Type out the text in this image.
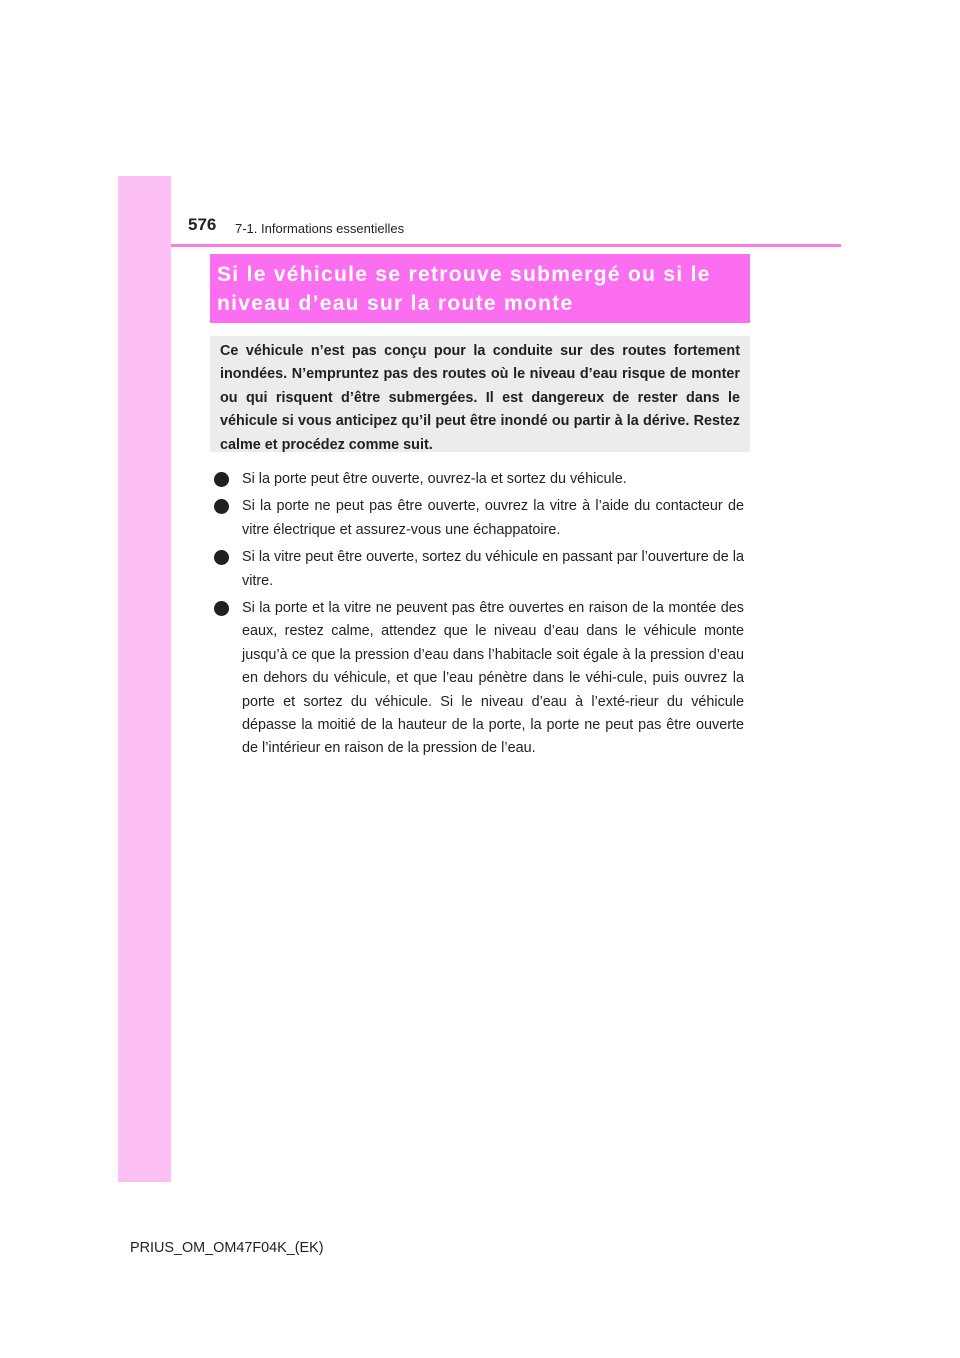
576 7-1. Informations essentielles

Si le véhicule se retrouve submergé ou si le
niveau d’eau sur la route monte

Ce véhicule n’est pas conçu pour la conduite sur des routes fortement inondées. N’empruntez pas des routes où le niveau d’eau risque de monter ou qui risquent d’être submergées. Il est dangereux de rester dans le véhicule si vous anticipez qu’il peut être inondé ou partir à la dérive. Restez calme et procédez comme suit.

Si la porte peut être ouverte, ouvrez-la et sortez du véhicule.
Si la porte ne peut pas être ouverte, ouvrez la vitre à l’aide du contacteur de vitre électrique et assurez-vous une échappatoire.
Si la vitre peut être ouverte, sortez du véhicule en passant par l’ouverture de la vitre.
Si la porte et la vitre ne peuvent pas être ouvertes en raison de la montée des eaux, restez calme, attendez que le niveau d’eau dans le véhicule monte jusqu’à ce que la pression d’eau dans l’habitacle soit égale à la pression d’eau en dehors du véhicule, et que l’eau pénètre dans le véhi-cule, puis ouvrez la porte et sortez du véhicule. Si le niveau d’eau à l’exté-rieur du véhicule dépasse la moitié de la hauteur de la porte, la porte ne peut pas être ouverte de l’intérieur en raison de la pression de l’eau.
PRIUS_OM_OM47F04K_(EK)
